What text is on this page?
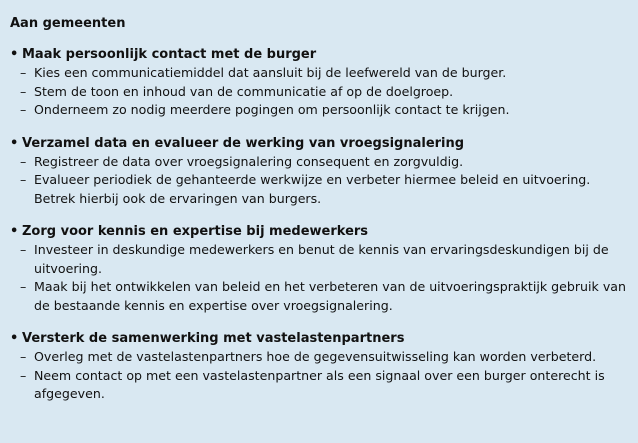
Aan gemeenten
• Maak persoonlijk contact met de burger
– Kies een communicatiemiddel dat aansluit bij de leefwereld van de burger.
– Stem de toon en inhoud van de communicatie af op de doelgroep.
– Onderneem zo nodig meerdere pogingen om persoonlijk contact te krijgen.
• Verzamel data en evalueer de werking van vroegsignalering
– Registreer de data over vroegsignalering consequent en zorgvuldig.
– Evalueer periodiek de gehanteerde werkwijze en verbeter hiermee beleid en uitvoering. Betrek hierbij ook de ervaringen van burgers.
• Zorg voor kennis en expertise bij medewerkers
– Investeer in deskundige medewerkers en benut de kennis van ervaringsdeskundigen bij de uitvoering.
– Maak bij het ontwikkelen van beleid en het verbeteren van de uitvoeringspraktijk gebruik van de bestaande kennis en expertise over vroegsignalering.
• Versterk de samenwerking met vastelastenpartners
– Overleg met de vastelastenpartners hoe de gegevensuitwisseling kan worden verbeterd.
– Neem contact op met een vastelastenpartner als een signaal over een burger onterecht is afgegeven.
